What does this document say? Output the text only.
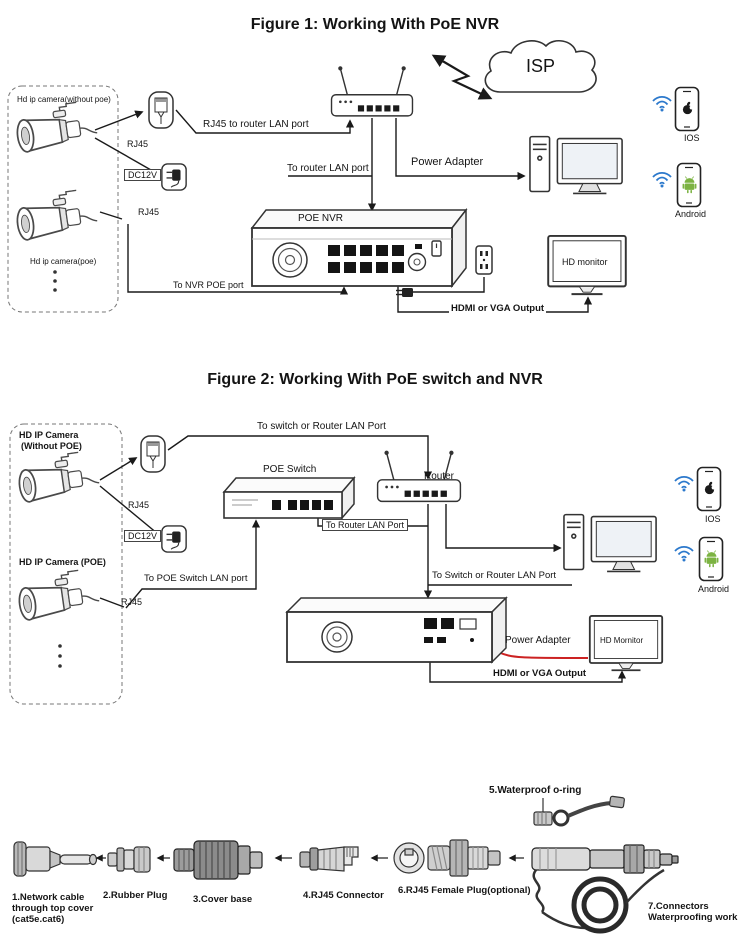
Figure 1: Working With PoE NVR
Hd ip camera(without poe)
RJ45
RJ45 to router LAN port
DC12V
RJ45
Hd ip camera(poe)
To router LAN port
Power Adapter
ISP
IOS
Android
POE NVR
To NVR POE port
HD monitor
HDMI or VGA Output
Figure 2: Working With PoE switch and NVR
HD IP Camera
(Without POE)
To switch or Router LAN Port
POE Switch
Router
RJ45
DC12V
To Router LAN Port
HD IP Camera (POE)
To POE Switch LAN port
RJ45
To Switch or Router LAN Port
Power Adapter	HD Mornitor
HDMI or VGA Output
IOS
Android
5.Waterproof o-ring
1.Network cable
through top cover
(cat5e.cat6)
2.Rubber Plug	3.Cover base	4.RJ45 Connector 6.RJ45 Female Plug(optional)
7.Connectors
Waterproofing work
